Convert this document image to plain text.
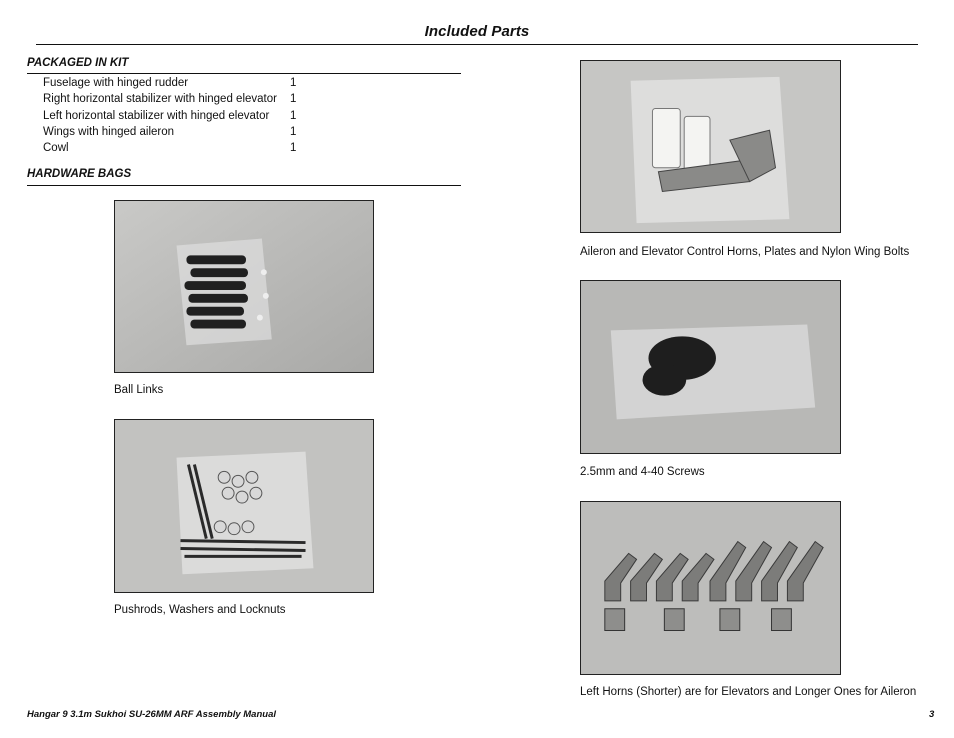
Included Parts
PACKAGED IN KIT
Fuselage with hinged rudder	1
Right horizontal stabilizer with hinged elevator 1
Left horizontal stabilizer with hinged elevator 1
Wings with hinged aileron	1
Cowl	1
HARDWARE BAGS
Ball Links
Pushrods, Washers and Locknuts
Aileron and Elevator Control Horns, Plates and Nylon Wing Bolts
2.5mm and 4-40 Screws
Left Horns (Shorter) are for Elevators and Longer Ones for Aileron
Hangar 9 3.1m Sukhoi SU-26MM ARF Assembly Manual	3
